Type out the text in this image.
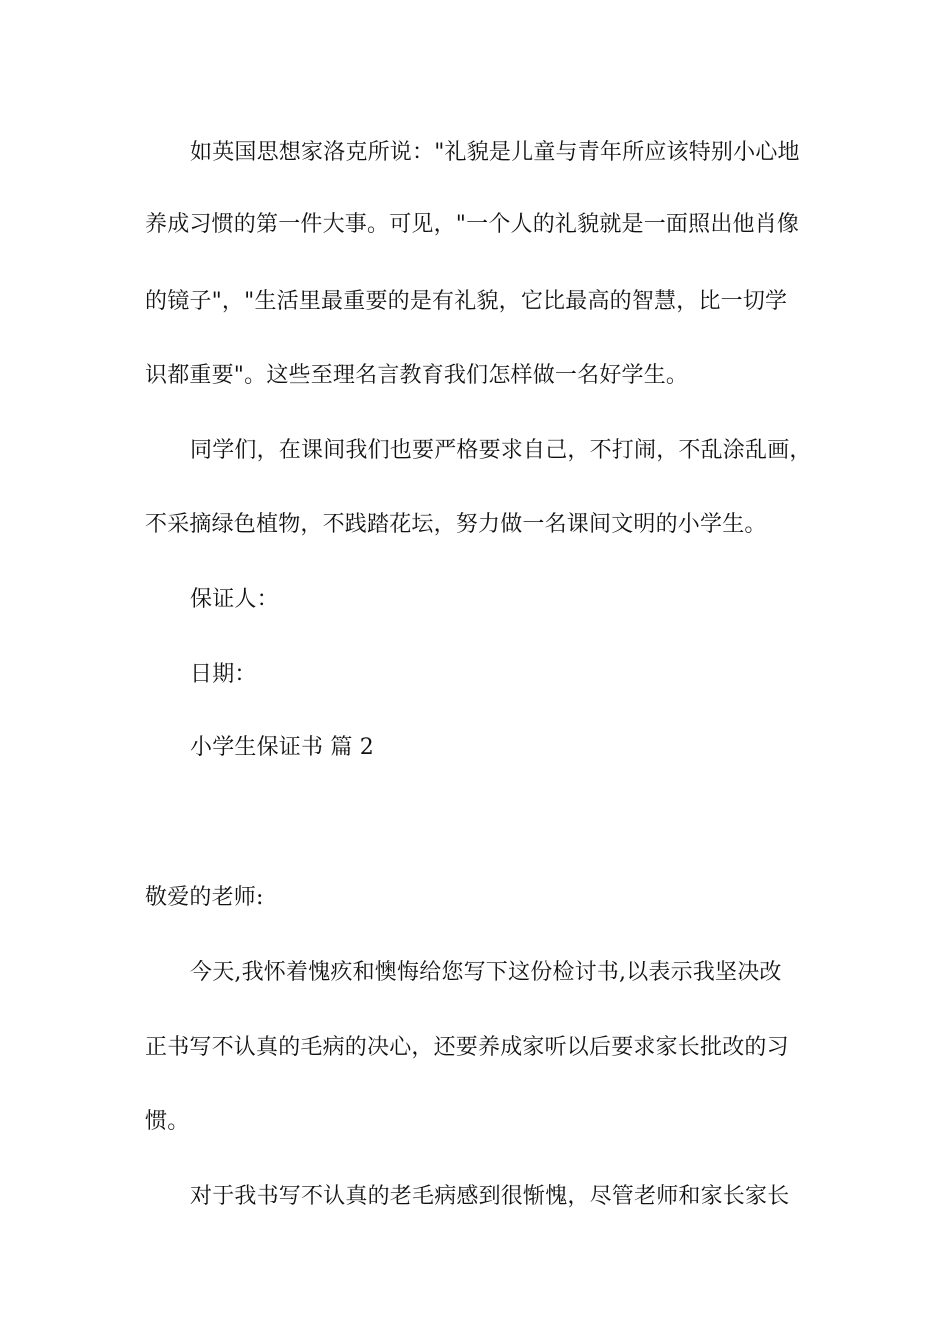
如英国思想家洛克所说："礼貌是儿童与青年所应该特别小心地
养成习惯的第一件大事。可见，"一个人的礼貌就是一面照出他肖像
的镜子"，"生活里最重要的是有礼貌，它比最高的智慧，比一切学
识都重要"。这些至理名言教育我们怎样做一名好学生。
同学们，在课间我们也要严格要求自己，不打闹，不乱涂乱画，
不采摘绿色植物，不践踏花坛，努力做一名课间文明的小学生。
保证人：
日期：
小学生保证书 篇 2
敬爱的老师:
今天,我怀着愧疚和懊悔给您写下这份检讨书,以表示我坚决改
正书写不认真的毛病的决心，还要养成家听以后要求家长批改的习
惯。
对于我书写不认真的老毛病感到很惭愧，尽管老师和家长家长
